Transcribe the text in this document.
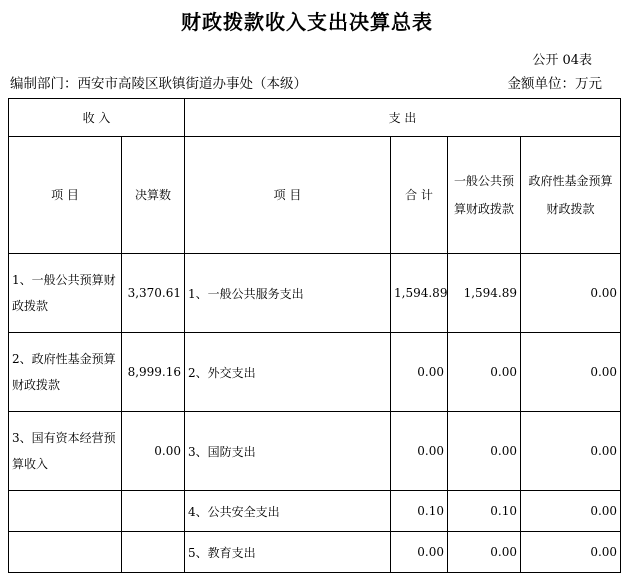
财政拨款收入支出决算总表
公开 04表
编制部门：西安市高陵区耿镇街道办事处（本级）	金额单位：万元
收 入		支 出			
项 目	决算数	项 目	合 计	一般公共预算财政拨款	政府性基金预算财政拨款
1、一般公共预算财政拨款	3,370.61	1、一般公共服务支出	1,594.89	1,594.89	0.00
2、政府性基金预算财政拨款	8,999.16	2、外交支出	0.00	0.00	0.00
3、国有资本经营预算收入	0.00	3、国防支出	0.00	0.00	0.00
		4、公共安全支出	0.10	0.10	0.00
		5、教育支出	0.00	0.00	0.00
